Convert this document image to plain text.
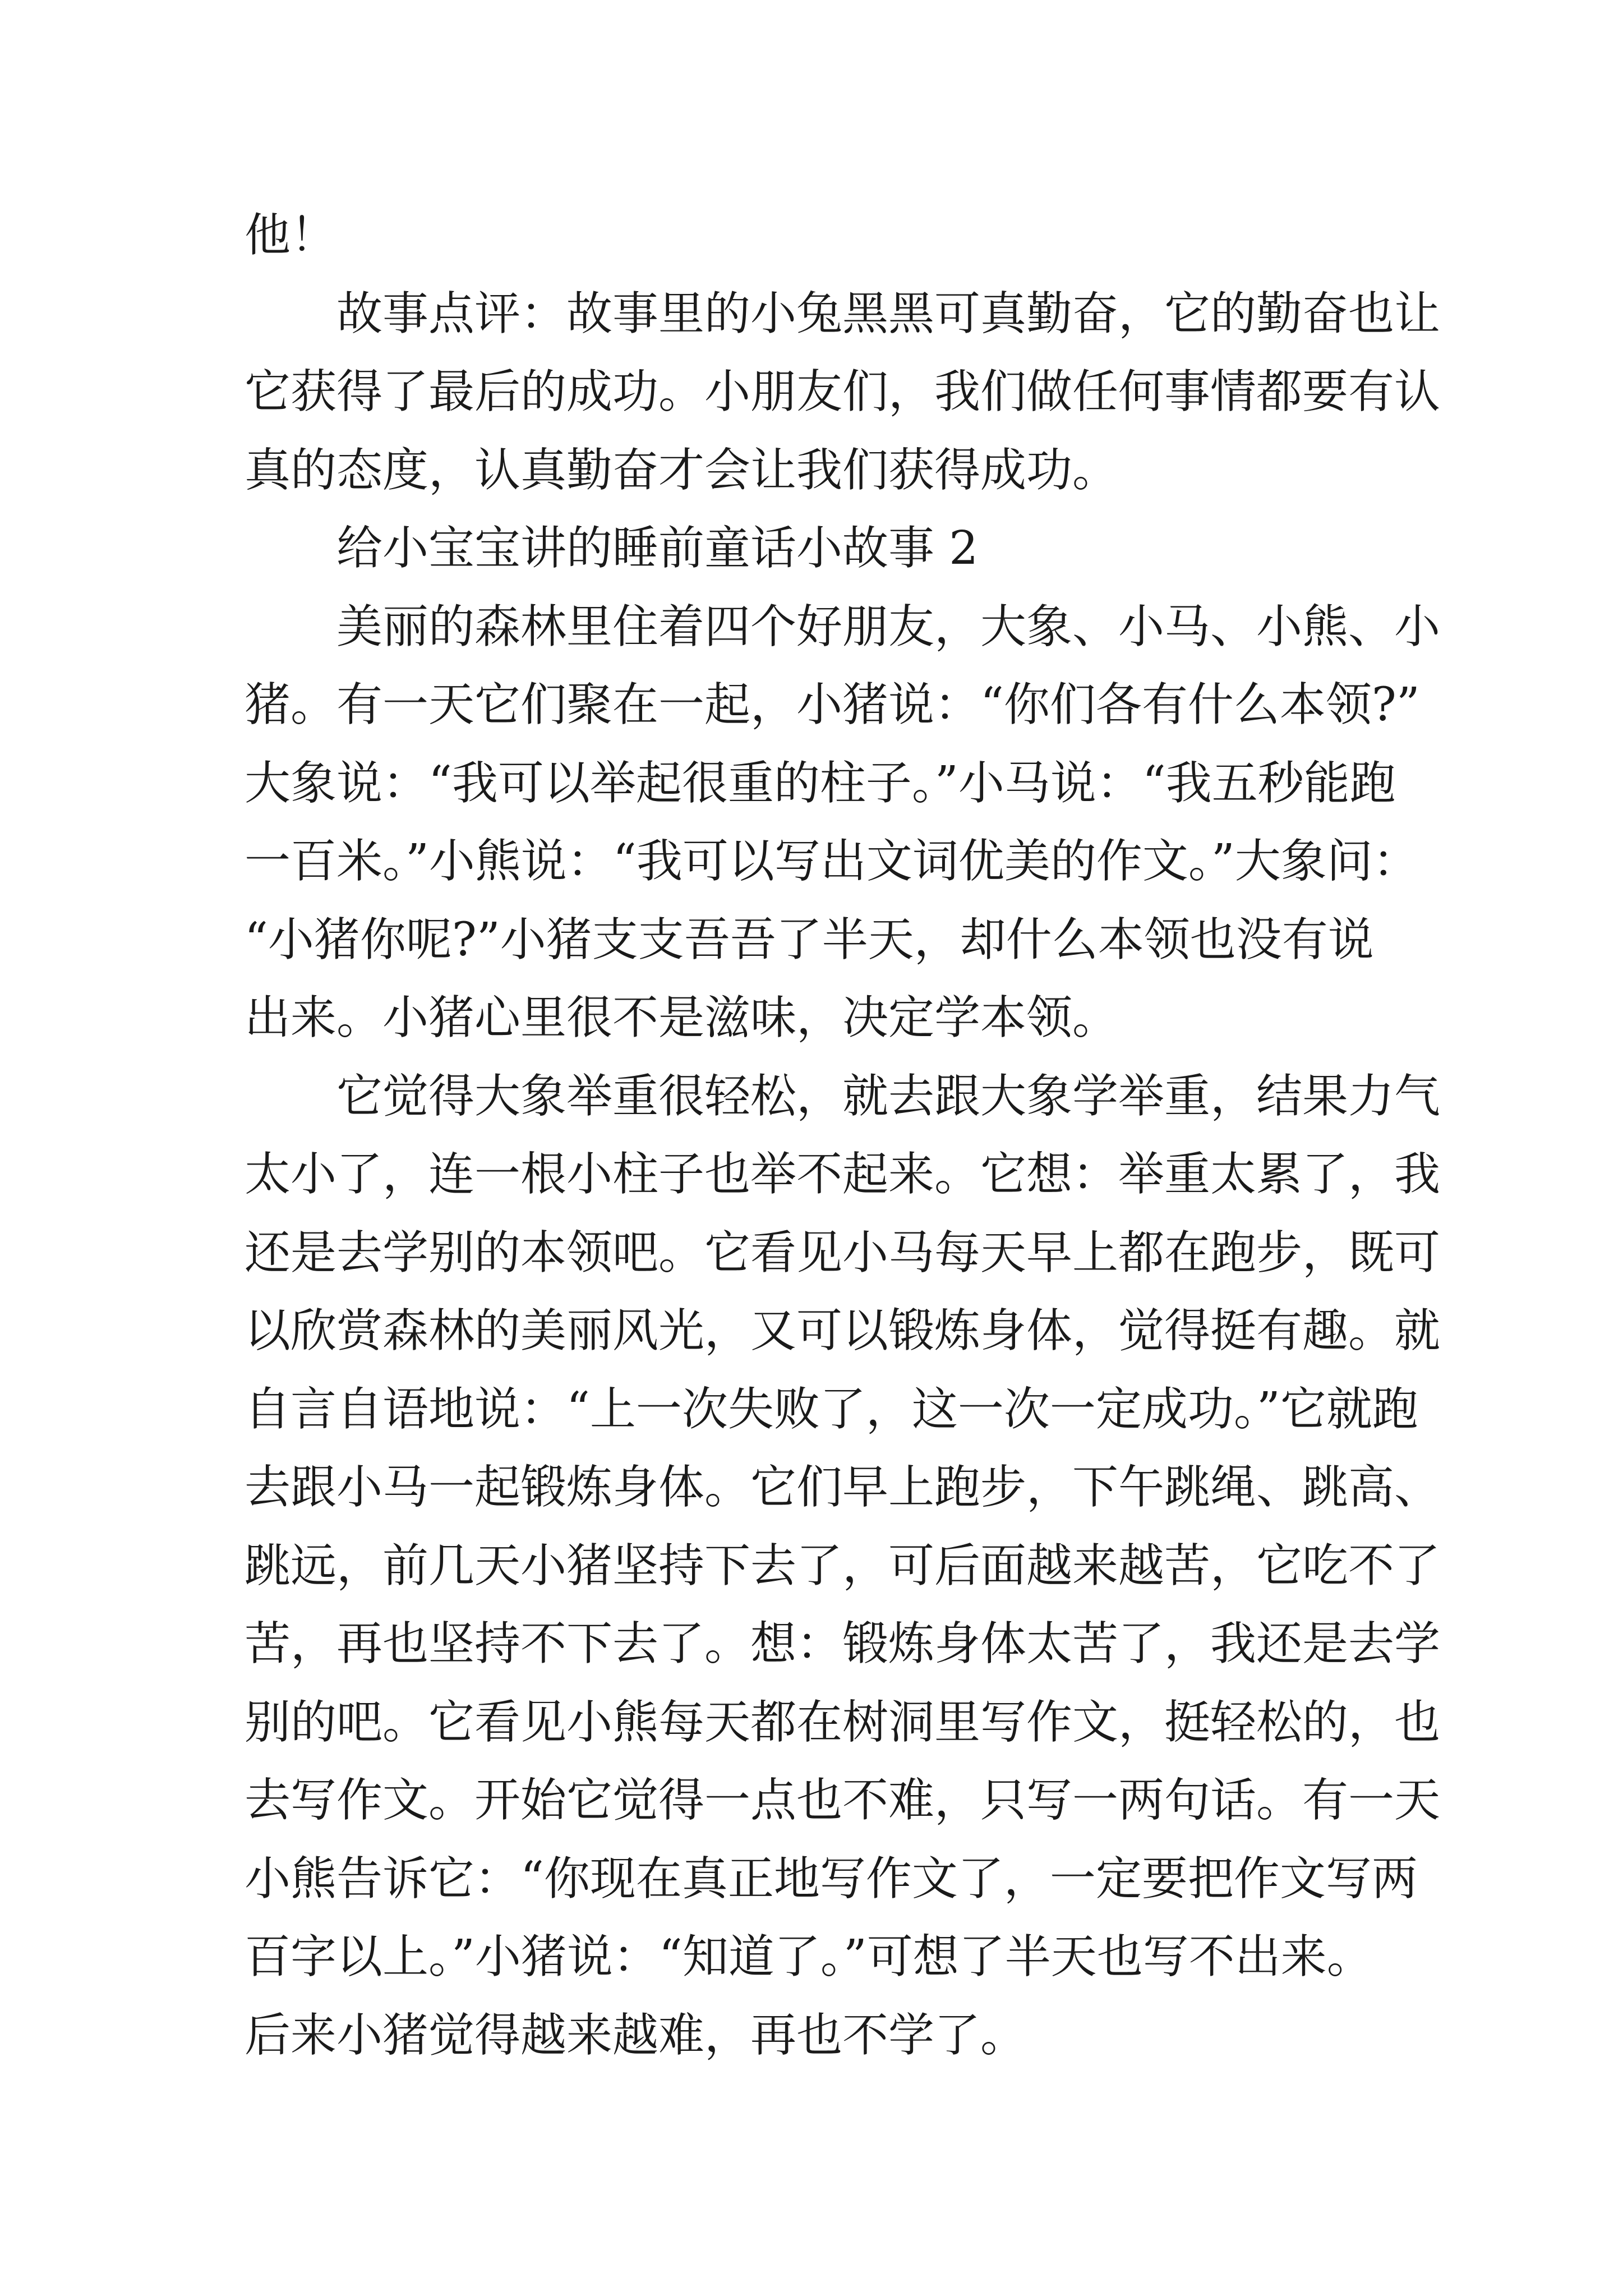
他！
故事点评：故事里的小兔黑黑可真勤奋，它的勤奋也让
它获得了最后的成功。小朋友们，我们做任何事情都要有认
真的态度，认真勤奋才会让我们获得成功。
给小宝宝讲的睡前童话小故事 2
美丽的森林里住着四个好朋友，大象、小马、小熊、小
猪。有一天它们聚在一起，小猪说：“你们各有什么本领?”
大象说：“我可以举起很重的柱子。”小马说：“我五秒能跑
一百米。”小熊说：“我可以写出文词优美的作文。”大象问：
“小猪你呢?”小猪支支吾吾了半天，却什么本领也没有说
出来。小猪心里很不是滋味，决定学本领。
它觉得大象举重很轻松，就去跟大象学举重，结果力气
太小了，连一根小柱子也举不起来。它想：举重太累了，我
还是去学别的本领吧。它看见小马每天早上都在跑步，既可
以欣赏森林的美丽风光，又可以锻炼身体，觉得挺有趣。就
自言自语地说：“上一次失败了，这一次一定成功。”它就跑
去跟小马一起锻炼身体。它们早上跑步，下午跳绳、跳高、
跳远，前几天小猪坚持下去了，可后面越来越苦，它吃不了
苦，再也坚持不下去了。想：锻炼身体太苦了，我还是去学
别的吧。它看见小熊每天都在树洞里写作文，挺轻松的，也
去写作文。开始它觉得一点也不难，只写一两句话。有一天
小熊告诉它：“你现在真正地写作文了，一定要把作文写两
百字以上。”小猪说：“知道了。”可想了半天也写不出来。
后来小猪觉得越来越难，再也不学了。
